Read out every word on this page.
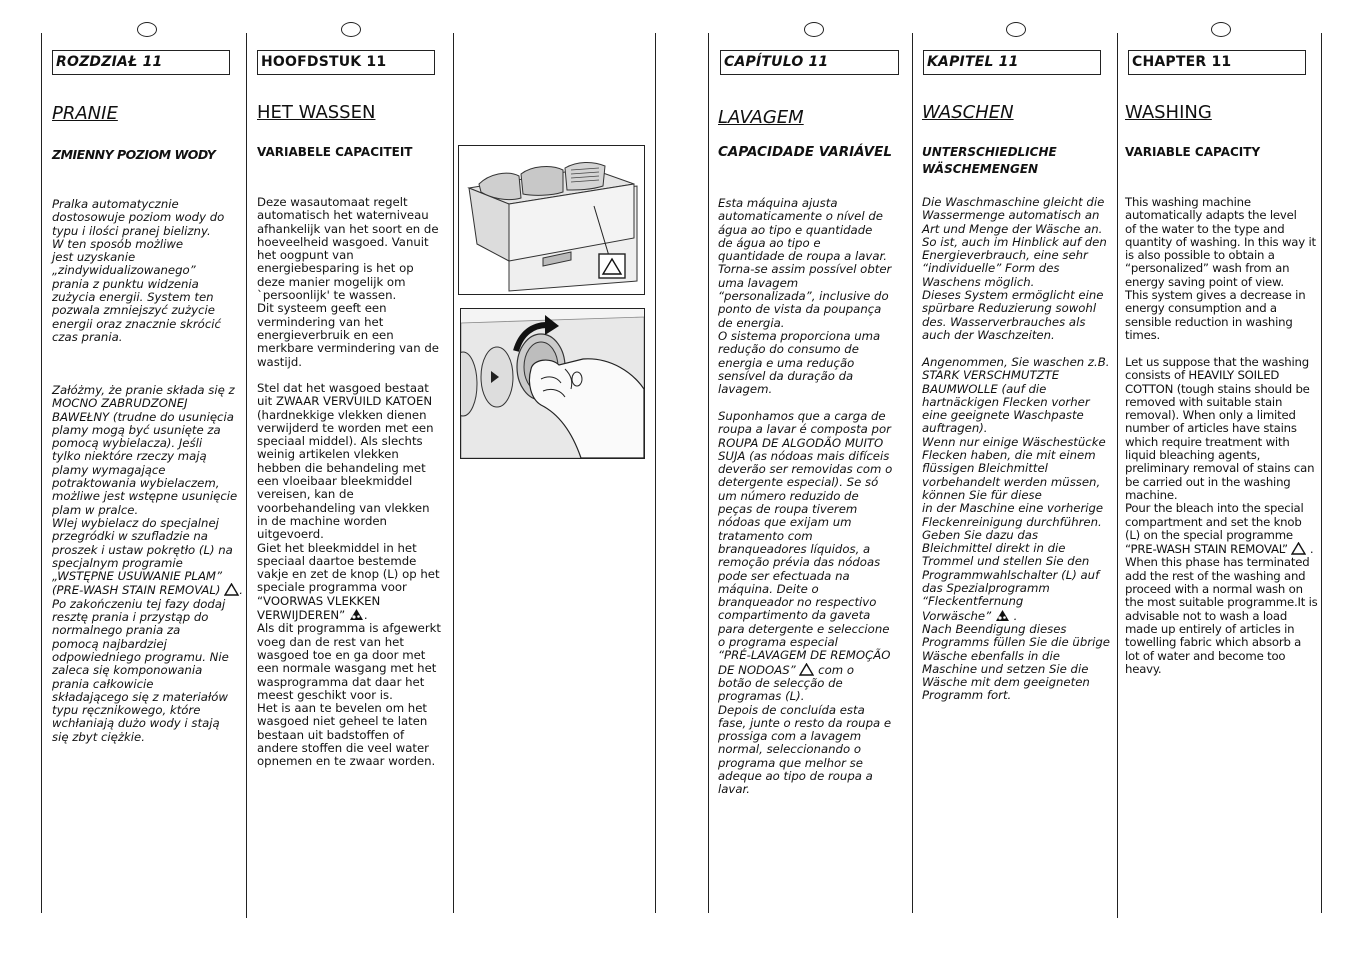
ROZDZIAŁ 11
PRANIE
ZMIENNY POZIOM WODY
Pralka automatycznie
dostosowuje poziom wody do
typu i ilości pranej bielizny.
W ten sposób możliwe
jest uzyskanie
„zindywidualizowanego”
prania z punktu widzenia
zużycia energii. System ten
pozwala zmniejszyć zużycie
energii oraz znacznie skrócić
czas prania.
Załóżmy, że pranie składa się z
MOCNO ZABRUDZONEJ
BAWEŁNY (trudne do usunięcia
plamy mogą być usunięte za
pomocą wybielacza). Jeśli
tylko niektóre rzeczy mają
plamy wymagające
potraktowania wybielaczem,
możliwe jest wstępne usunięcie
plam w pralce.
Wlej wybielacz do specjalnej
przegródki w szufladzie na
proszek i ustaw pokrętło (L) na
specjalnym programie
„WSTĘPNE USUWANIE PLAM”
(PRE-WASH STAIN REMOVAL) .
Po zakończeniu tej fazy dodaj
resztę prania i przystąp do
normalnego prania za
pomocą najbardziej
odpowiedniego programu. Nie
zaleca się komponowania
prania całkowicie
składającego się z materiałów
typu ręcznikowego, które
wchłaniają dużo wody i stają
się zbyt ciężkie.
HOOFDSTUK 11
HET WASSEN
VARIABELE CAPACITEIT
Deze wasautomaat regelt
automatisch het waterniveau
afhankelijk van het soort en de
hoeveelheid wasgoed. Vanuit
het oogpunt van
energiebesparing is het op
deze manier mogelijk om
`persoonlijk' te wassen.
Dit systeem geeft een
vermindering van het
energieverbruik en een
merkbare vermindering van de
wastijd.
Stel dat het wasgoed bestaat
uit ZWAAR VERVUILD KATOEN
(hardnekkige vlekken dienen
verwijderd te worden met een
speciaal middel). Als slechts
weinig artikelen vlekken
hebben die behandeling met
een vloeibaar bleekmiddel
vereisen, kan de
voorbehandeling van vlekken
in de machine worden
uitgevoerd.
Giet het bleekmiddel in het
speciaal daartoe bestemde
vakje en zet de knop (L) op het
speciale programma voor
“VOORWAS VLEKKEN
VERWIJDEREN” .
Als dit programma is afgewerkt
voeg dan de rest van het
wasgoed toe en ga door met
een normale wasgang met het
wasprogramma dat daar het
meest geschikt voor is.
Het is aan te bevelen om het
wasgoed niet geheel te laten
bestaan uit badstoffen of
andere stoffen die veel water
opnemen en te zwaar worden.
CAPÍTULO 11
LAVAGEM
CAPACIDADE VARIÁVEL
Esta máquina ajusta
automaticamente o nível de
água ao tipo e quantidade
de água ao tipo e
quantidade de roupa a lavar.
Torna-se assim possível obter
uma lavagem
“personalizada”, inclusive do
ponto de vista da poupança
de energia.
O sistema proporciona uma
redução do consumo de
energia e uma redução
sensível da duração da
lavagem.
Suponhamos que a carga de
roupa a lavar é composta por
ROUPA DE ALGODÃO MUITO
SUJA (as nódoas mais difíceis
deverão ser removidas com o
detergente especial). Se só
um número reduzido de
peças de roupa tiverem
nódoas que exijam um
tratamento com
branqueadores líquidos, a
remoção prévia das nódoas
pode ser efectuada na
máquina. Deite o
branqueador no respectivo
compartimento da gaveta
para detergente e seleccione
o programa especial
“PRÉ-LAVAGEM DE REMOÇÃO
DE NODOAS”  com o
botão de selecção de
programas (L).
Depois de concluída esta
fase, junte o resto da roupa e
prossiga com a lavagem
normal, seleccionando o
programa que melhor se
adeque ao tipo de roupa a
lavar.
KAPITEL 11
WASCHEN
UNTERSCHIEDLICHE
WÄSCHEMENGEN
Die Waschmaschine gleicht die
Wassermenge automatisch an
Art und Menge der Wäsche an.
So ist, auch im Hinblick auf den
Energieverbrauch, eine sehr
“individuelle” Form des
Waschens möglich.
Dieses System ermöglicht eine
spürbare Reduzierung sowohl
des. Wasserverbrauches als
auch der Waschzeiten.
Angenommen, Sie waschen z.B.
STARK VERSCHMUTZTE
BAUMWOLLE (auf die
hartnäckigen Flecken vorher
eine geeignete Waschpaste
auftragen).
Wenn nur einige Wäschestücke
Flecken haben, die mit einem
flüssigen Bleichmittel
vorbehandelt werden müssen,
können Sie für diese
in der Maschine eine vorherige
Fleckenreinigung durchführen.
Geben Sie dazu das
Bleichmittel direkt in die
Trommel und stellen Sie den
Programmwahlschalter (L) auf
das Spezialprogramm
“Fleckentfernung
Vorwäsche”  .
Nach Beendigung dieses
Programms füllen Sie die übrige
Wäsche ebenfalls in die
Maschine und setzen Sie die
Wäsche mit dem geeigneten
Programm fort.
CHAPTER 11
WASHING
VARIABLE CAPACITY
This washing machine
automatically adapts the level
of the water to the type and
quantity of washing. In this way it
is also possible to obtain a
“personalized” wash from an
energy saving point of view.
This system gives a decrease in
energy consumption and a
sensible reduction in washing
times.
Let us suppose that the washing
consists of HEAVILY SOILED
COTTON (tough stains should be
removed with suitable stain
removal). When only a limited
number of articles have stains
which require treatment with
liquid bleaching agents,
preliminary removal of stains can
be carried out in the washing
machine.
Pour the bleach into the special
compartment and set the knob
(L) on the special programme
“PRE-WASH STAIN REMOVAL”  .
When this phase has terminated
add the rest of the washing and
proceed with a normal wash on
the most suitable programme.It is
advisable not to wash a load
made up entirely of articles in
towelling fabric which absorb a
lot of water and become too
heavy.
